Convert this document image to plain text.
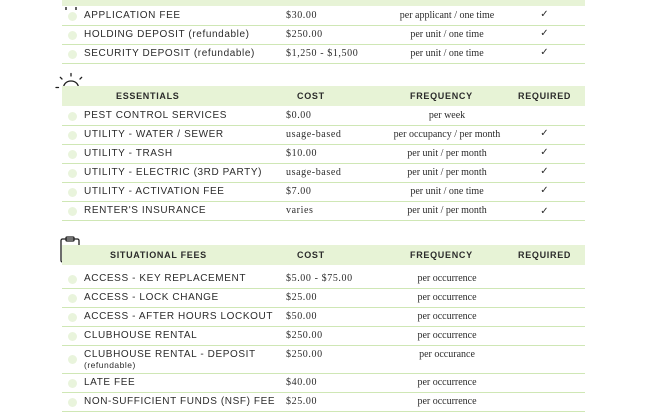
APPLICATION FEE	$30.00	per applicant / one time	✓
HOLDING DEPOSIT (refundable)	$250.00	per unit / one time	✓
SECURITY DEPOSIT (refundable)	$1,250 - $1,500	per unit / one time	✓
ESSENTIALS	COST	FREQUENCY	REQUIRED
PEST CONTROL SERVICES	$0.00	per week
UTILITY - WATER / SEWER	usage-based	per occupancy / per month	✓
UTILITY - TRASH	$10.00	per unit / per month	✓
UTILITY - ELECTRIC (3RD PARTY) usage-based	per unit / per month	✓
UTILITY - ACTIVATION FEE	$7.00	per unit / one time	✓
RENTER'S INSURANCE	varies	per unit / per month	✓
SITUATIONAL FEES	COST	FREQUENCY	REQUIRED
ACCESS - KEY REPLACEMENT	$5.00 - $75.00	per occurrence
ACCESS - LOCK CHANGE	$25.00	per occurrence
ACCESS - AFTER HOURS LOCKOUT $50.00	per occurrence
CLUBHOUSE RENTAL	$250.00	per occurrence
CLUBHOUSE RENTAL - DEPOSIT
(refundable)
$250.00	per occurance
LATE FEE	$40.00	per occurrence
NON-SUFFICIENT FUNDS (NSF) FEE $25.00	per occurrence
